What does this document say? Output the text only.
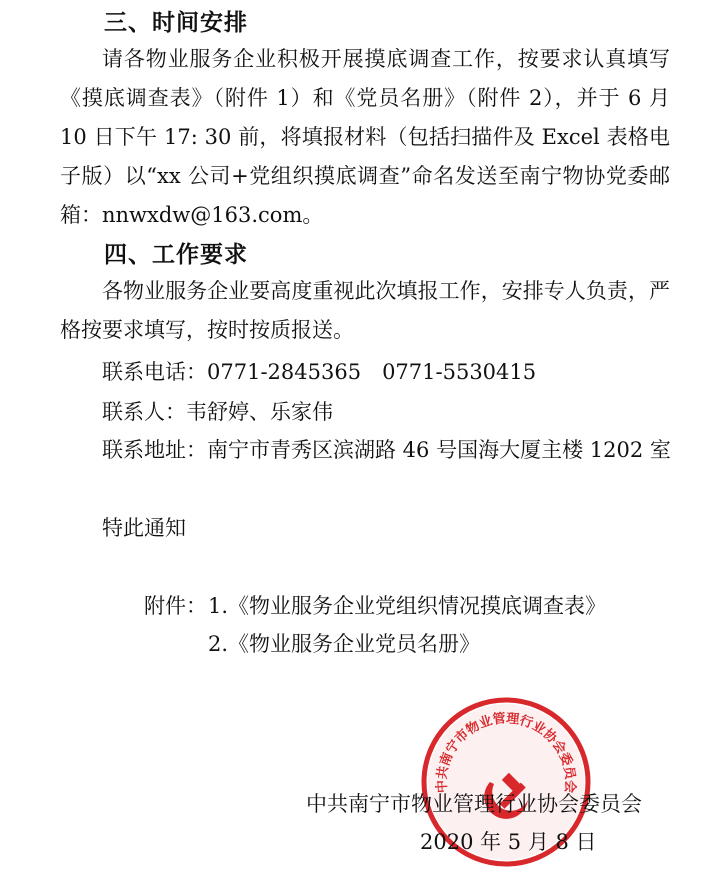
三、时间安排

请各物业服务企业积极开展摸底调查工作，按要求认真填写《摸底调查表》（附件 1）和《党员名册》（附件 2），并于 6 月 10 日下午 17: 30 前，将填报材料（包括扫描件及 Excel 表格电子版）以“xx 公司+党组织摸底调查”命名发送至南宁物协党委邮箱：nnwxdw@163.com。

四、工作要求

各物业服务企业要高度重视此次填报工作，安排专人负责，严格按要求填写，按时按质报送。

联系电话：0771-2845365　0771-5530415
联系人：韦舒婷、乐家伟
联系地址：南宁市青秀区滨湖路 46 号国海大厦主楼 1202 室
特此通知
附件： 1.《物业服务企业党组织情况摸底调查表》
2.《物业服务企业党员名册》
中共南宁市物业管理行业协会委员会
中共南宁市物业管理行业协会委员会
2020 年 5 月 8 日
